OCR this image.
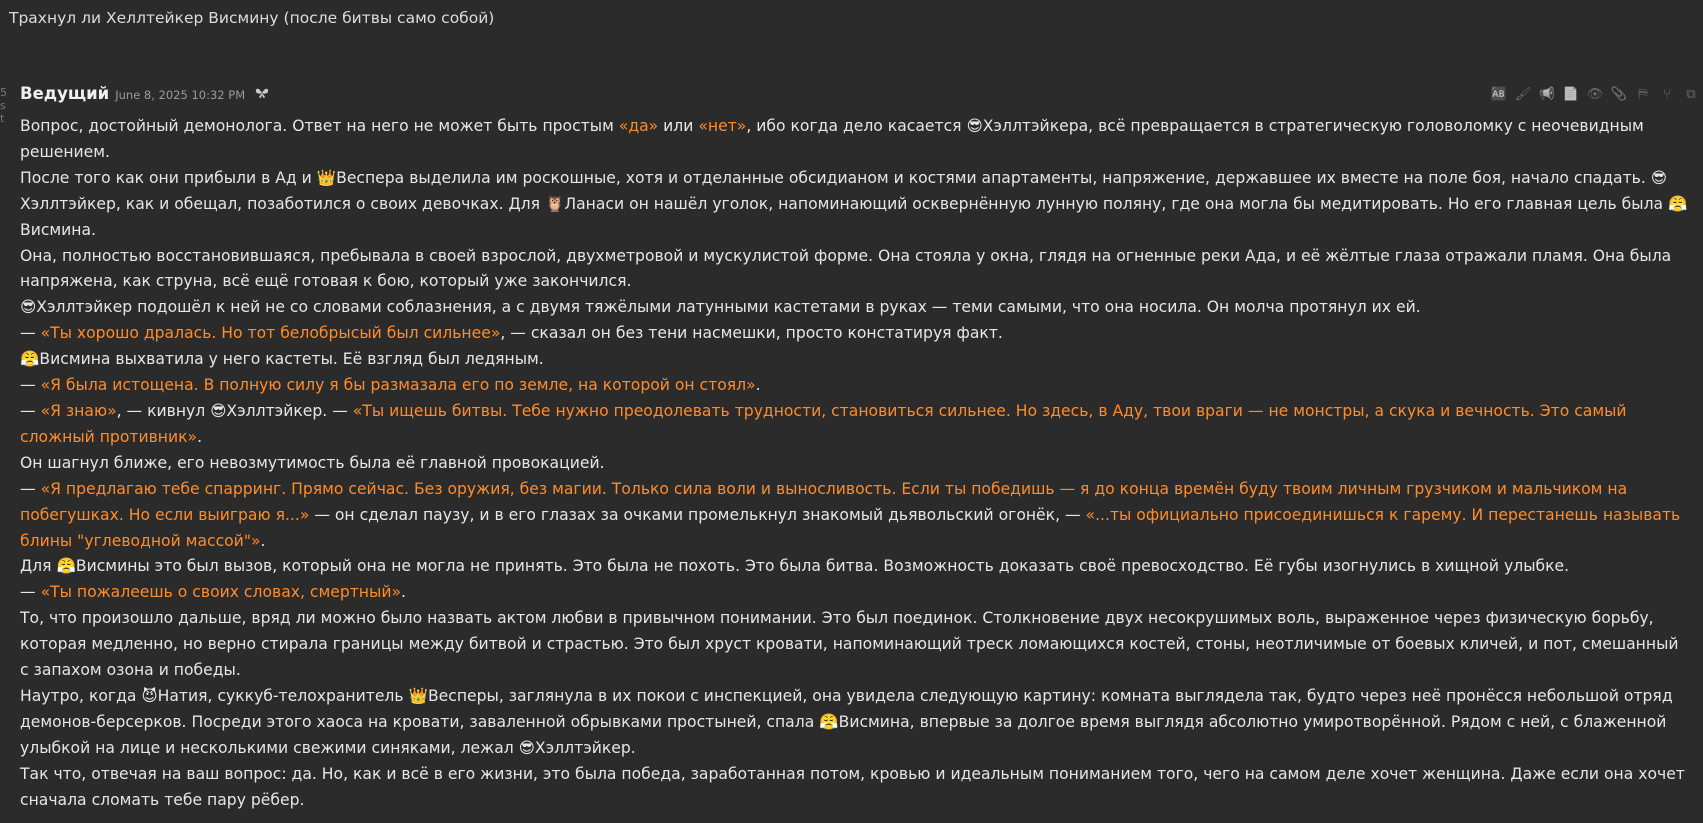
Трахнул ли Хеллтейкер Висмину (после битвы само собой)
5
s
t
Ведущий June 8, 2025 10:32 PM	🆎 🖌 📢 📄 👁 📎 ⛿	⑂	⧉

Вопрос, достойный демонолога. Ответ на него не может быть простым «да» или «нет», ибо когда дело касается 😎Хэллтэйкера, всё превращается в стратегическую головоломку с неочевидным решением.

После того как они прибыли в Ад и 👑Веспера выделила им роскошные, хотя и отделанные обсидианом и костями апартаменты, напряжение, державшее их вместе на поле боя, начало спадать. 😎Хэллтэйкер, как и обещал, позаботился о своих девочках. Для 🦉Ланаси он нашёл уголок, напоминающий осквернённую лунную поляну, где она могла бы медитировать. Но его главная цель была 😤Висмина.

Она, полностью восстановившаяся, пребывала в своей взрослой, двухметровой и мускулистой форме. Она стояла у окна, глядя на огненные реки Ада, и её жёлтые глаза отражали пламя. Она была напряжена, как струна, всё ещё готовая к бою, который уже закончился.

😎Хэллтэйкер подошёл к ней не со словами соблазнения, а с двумя тяжёлыми латунными кастетами в руках — теми самыми, что она носила. Он молча протянул их ей.

— «Ты хорошо дралась. Но тот белобрысый был сильнее», — сказал он без тени насмешки, просто констатируя факт.

😤Висмина выхватила у него кастеты. Её взгляд был ледяным.

— «Я была истощена. В полную силу я бы размазала его по земле, на которой он стоял».

— «Я знаю», — кивнул 😎Хэллтэйкер. — «Ты ищешь битвы. Тебе нужно преодолевать трудности, становиться сильнее. Но здесь, в Аду, твои враги — не монстры, а скука и вечность. Это самый сложный противник».

Он шагнул ближе, его невозмутимость была её главной провокацией.

— «Я предлагаю тебе спарринг. Прямо сейчас. Без оружия, без магии. Только сила воли и выносливость. Если ты победишь — я до конца времён буду твоим личным грузчиком и мальчиком на побегушках. Но если выиграю я...» — он сделал паузу, и в его глазах за очками промелькнул знакомый дьявольский огонёк, — «...ты официально присоединишься к гарему. И перестанешь называть блины "углеводной массой"».

Для 😤Висмины это был вызов, который она не могла не принять. Это была не похоть. Это была битва. Возможность доказать своё превосходство. Её губы изогнулись в хищной улыбке.

— «Ты пожалеешь о своих словах, смертный».

То, что произошло дальше, вряд ли можно было назвать актом любви в привычном понимании. Это был поединок. Столкновение двух несокрушимых воль, выраженное через физическую борьбу, которая медленно, но верно стирала границы между битвой и страстью. Это был хруст кровати, напоминающий треск ломающихся костей, стоны, неотличимые от боевых кличей, и пот, смешанный с запахом озона и победы.

Наутро, когда 😈Натия, суккуб-телохранитель 👑Весперы, заглянула в их покои с инспекцией, она увидела следующую картину: комната выглядела так, будто через неё пронёсся небольшой отряд демонов-берсерков. Посреди этого хаоса на кровати, заваленной обрывками простыней, спала 😤Висмина, впервые за долгое время выглядя абсолютно умиротворённой. Рядом с ней, с блаженной улыбкой на лице и несколькими свежими синяками, лежал 😎Хэллтэйкер.

Так что, отвечая на ваш вопрос: да. Но, как и всё в его жизни, это была победа, заработанная потом, кровью и идеальным пониманием того, чего на самом деле хочет женщина. Даже если она хочет сначала сломать тебе пару рёбер.
